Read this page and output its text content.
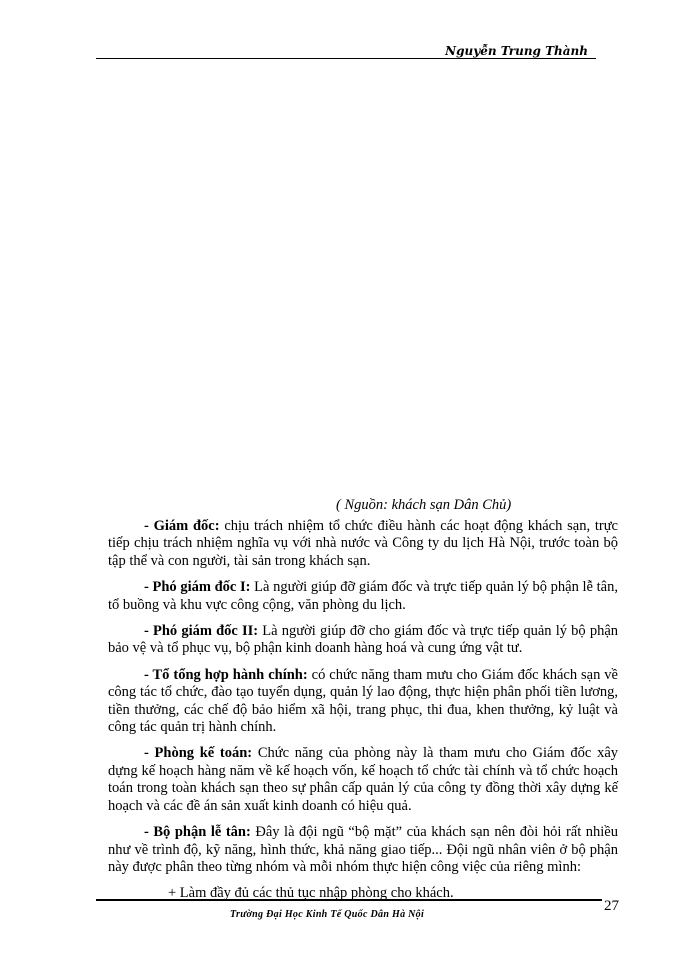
Nguyễn Trung Thành
( Nguồn: khách sạn Dân Chủ)

- Giám đốc: chịu trách nhiệm tổ chức điều hành các hoạt động khách sạn, trực tiếp chịu trách nhiệm nghĩa vụ với nhà nước và Công ty du lịch Hà Nội, trước toàn bộ tập thể và con người, tài sản trong khách sạn.

- Phó giám đốc I: Là người giúp đỡ giám đốc và trực tiếp quản lý bộ phận lễ tân, tổ buồng và khu vực công cộng, văn phòng du lịch.

- Phó giám đốc II: Là người giúp đỡ cho giám đốc và trực tiếp quản lý bộ phận bảo vệ và tổ phục vụ, bộ phận kinh doanh hàng hoá và cung ứng vật tư.

- Tổ tổng hợp hành chính: có chức năng tham mưu cho Giám đốc khách sạn về công tác tổ chức, đào tạo tuyển dụng, quản lý lao động, thực hiện phân phối tiền lương, tiền thưởng, các chế độ bảo hiểm xã hội, trang phục, thi đua, khen thưởng, kỷ luật và công tác quản trị hành chính.

- Phòng kế toán: Chức năng của phòng này là tham mưu cho Giám đốc xây dựng kế hoạch hàng năm về kế hoạch vốn, kế hoạch tổ chức tài chính và tổ chức hoạch toán trong toàn khách sạn theo sự phân cấp quản lý của công ty đồng thời xây dựng kế hoạch và các đề án sản xuất kinh doanh có hiệu quả.

- Bộ phận lễ tân: Đây là đội ngũ “bộ mặt” của khách sạn nên đòi hỏi rất nhiều như về trình độ, kỹ năng, hình thức, khả năng giao tiếp... Đội ngũ nhân viên ở bộ phận này được phân theo từng nhóm và mỗi nhóm thực hiện công việc của riêng mình:

+ Làm đầy đủ các thủ tục nhập phòng cho khách.

Trường Đại Học Kinh Tế Quốc Dân Hà Nội
27
